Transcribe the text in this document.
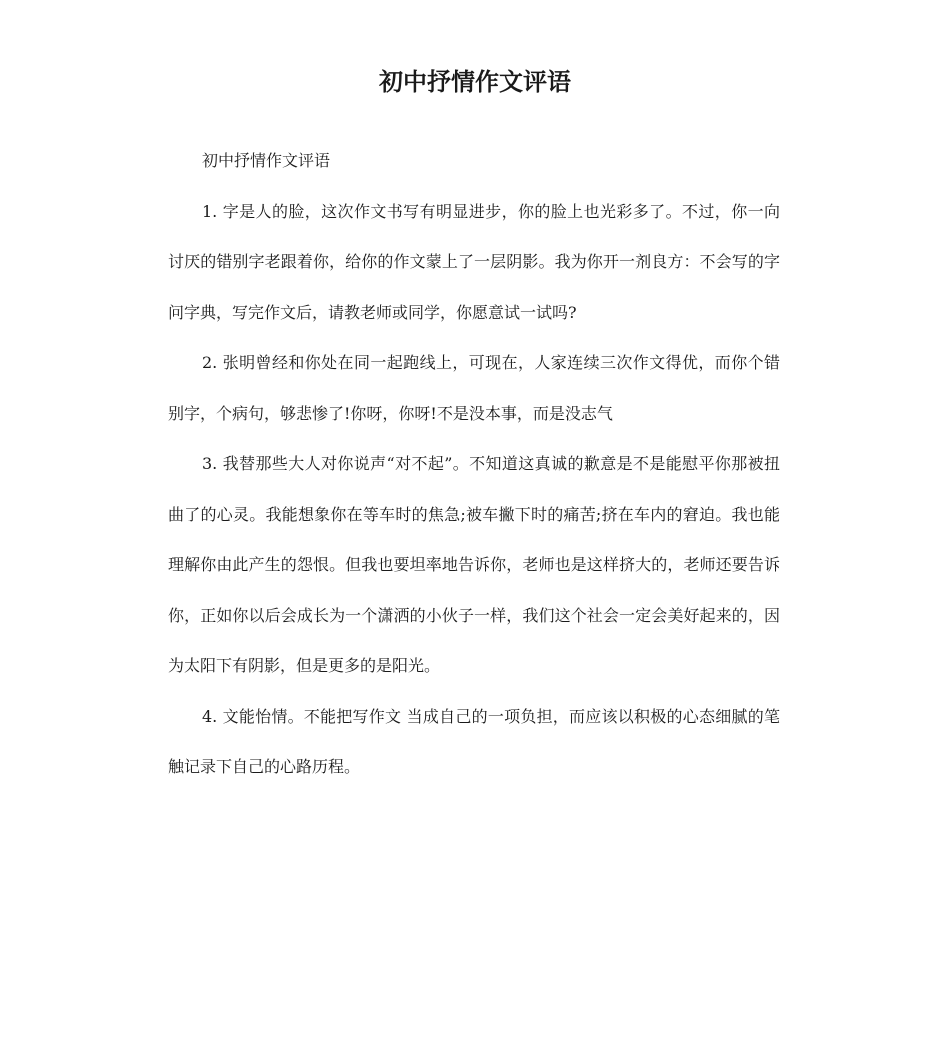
初中抒情作文评语

初中抒情作文评语

1. 字是人的脸，这次作文书写有明显进步，你的脸上也光彩多了。不过，你一向讨厌的错别字老跟着你，给你的作文蒙上了一层阴影。我为你开一剂良方：不会写的字问字典，写完作文后，请教老师或同学，你愿意试一试吗?

2. 张明曾经和你处在同一起跑线上，可现在，人家连续三次作文得优，而你个错别字，个病句，够悲惨了!你呀，你呀!不是没本事，而是没志气

3. 我替那些大人对你说声“对不起”。不知道这真诚的歉意是不是能慰平你那被扭曲了的心灵。我能想象你在等车时的焦急;被车撇下时的痛苦;挤在车内的窘迫。我也能理解你由此产生的怨恨。但我也要坦率地告诉你，老师也是这样挤大的，老师还要告诉你，正如你以后会成长为一个潇洒的小伙子一样，我们这个社会一定会美好起来的，因为太阳下有阴影，但是更多的是阳光。

4. 文能怡情。不能把写作文 当成自己的一项负担，而应该以积极的心态细腻的笔触记录下自己的心路历程。
